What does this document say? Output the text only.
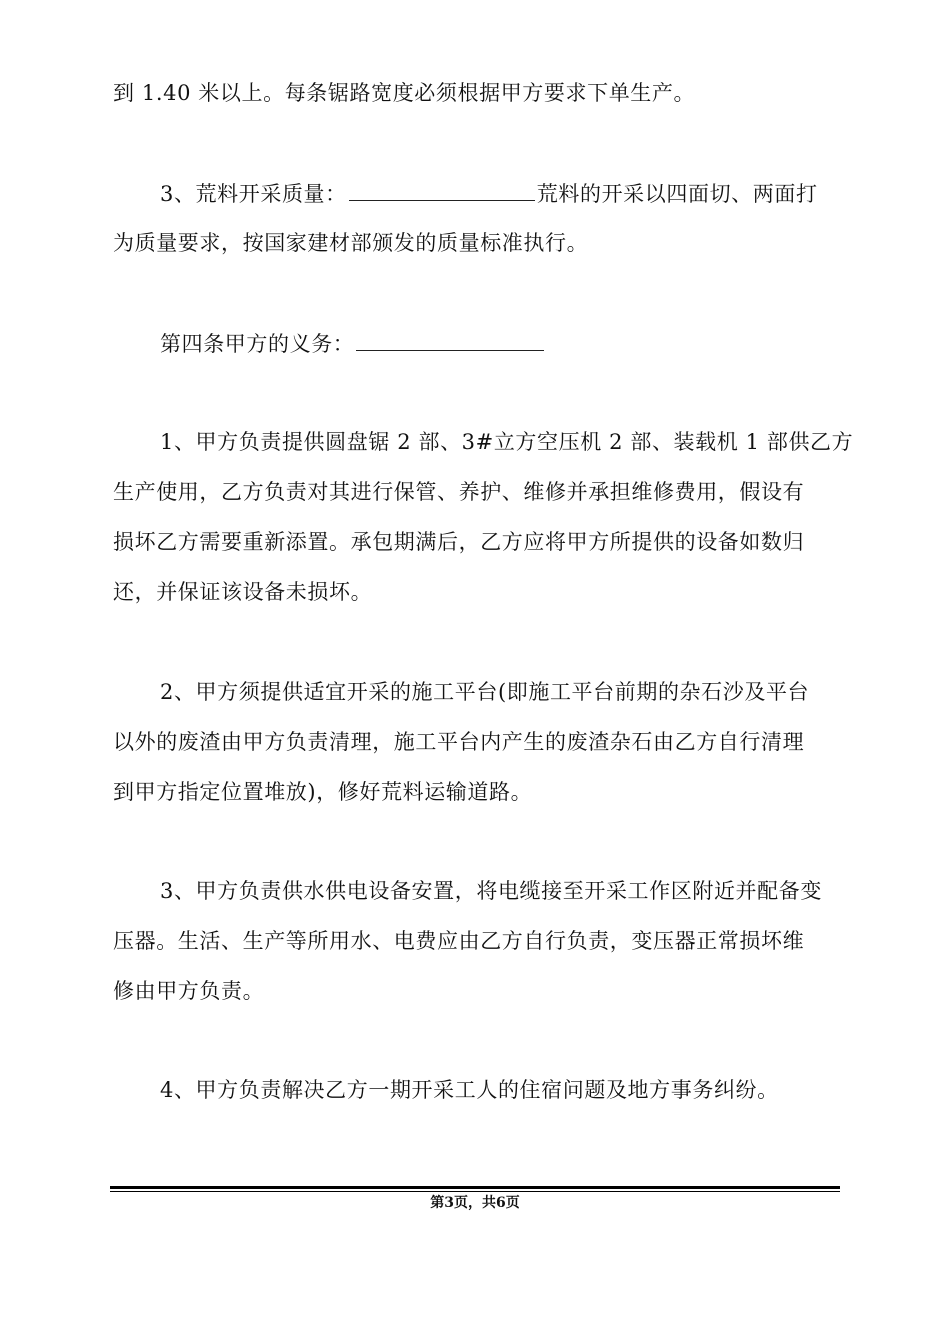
到 1.40 米以上。每条锯路宽度必须根据甲方要求下单生产。
3、荒料开采质量：	荒料的开采以四面切、两面打
为质量要求，按国家建材部颁发的质量标准执行。
第四条甲方的义务：
1、甲方负责提供圆盘锯 2 部、3#立方空压机 2 部、装载机 1 部供乙方
生产使用，乙方负责对其进行保管、养护、维修并承担维修费用，假设有
损坏乙方需要重新添置。承包期满后，乙方应将甲方所提供的设备如数归
还，并保证该设备未损坏。
2、甲方须提供适宜开采的施工平台(即施工平台前期的杂石沙及平台
以外的废渣由甲方负责清理，施工平台内产生的废渣杂石由乙方自行清理
到甲方指定位置堆放)，修好荒料运输道路。
3、甲方负责供水供电设备安置，将电缆接至开采工作区附近并配备变
压器。生活、生产等所用水、电费应由乙方自行负责，变压器正常损坏维
修由甲方负责。
4、甲方负责解决乙方一期开采工人的住宿问题及地方事务纠纷。
第3页，共6页
